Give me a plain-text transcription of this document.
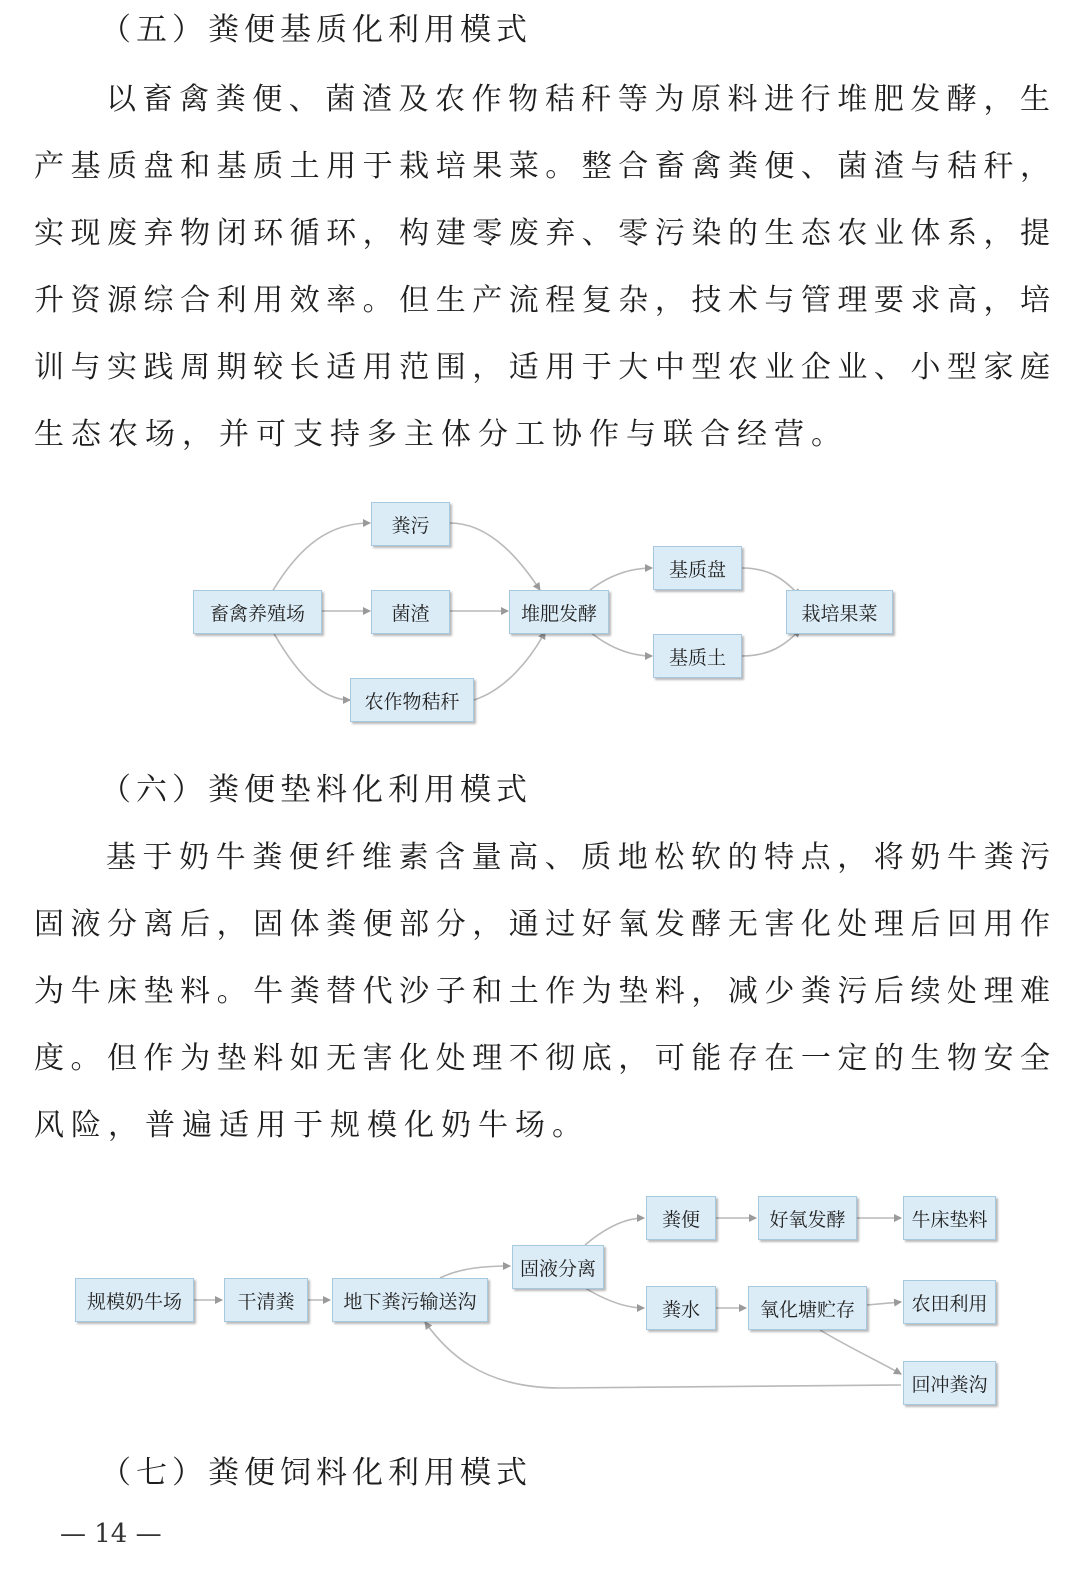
（五）粪便基质化利用模式
以畜禽粪便、菌渣及农作物秸秆等为原料进行堆肥发酵，生
产基质盘和基质土用于栽培果菜。整合畜禽粪便、菌渣与秸秆，
实现废弃物闭环循环，构建零废弃、零污染的生态农业体系，提
升资源综合利用效率。但生产流程复杂，技术与管理要求高，培
训与实践周期较长适用范围，适用于大中型农业企业、小型家庭
生态农场，并可支持多主体分工协作与联合经营。
畜禽养殖场
粪污
菌渣
农作物秸秆
堆肥发酵
基质盘
基质土
栽培果菜
（六）粪便垫料化利用模式
基于奶牛粪便纤维素含量高、质地松软的特点，将奶牛粪污
固液分离后，固体粪便部分，通过好氧发酵无害化处理后回用作
为牛床垫料。牛粪替代沙子和土作为垫料，减少粪污后续处理难
度。但作为垫料如无害化处理不彻底，可能存在一定的生物安全
风险，普遍适用于规模化奶牛场。
规模奶牛场	干清粪	地下粪污输送沟
固液分离
粪便	好氧发酵	牛床垫料
粪水	氧化塘贮存	农田利用
回冲粪沟
（七）粪便饲料化利用模式
— 14 —
